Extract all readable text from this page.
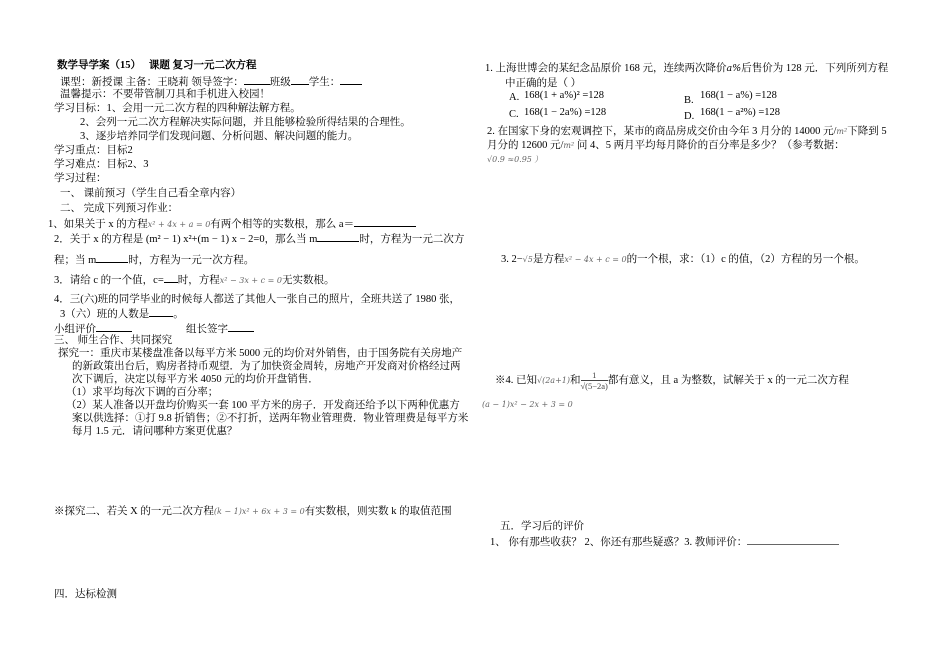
数学导学案（15） 课题 复习一元二次方程
课型：新授课 主备：王晓莉 领导签字： 班级 学生：
温馨提示：不要带管制刀具和手机进入校园！
学习目标：1、会用一元二次方程的四种解法解方程。
2、会列一元二次方程解决实际问题，并且能够检验所得结果的合理性。
3、逐步培养同学们发现问题、分析问题、解决问题的能力。
学习重点：目标2
学习难点：目标2、3
学习过程：
一、 课前预习（学生自己看全章内容）
二、 完成下列预习作业：
1、如果关于 x 的方程x² + 4x + a = 0有两个相等的实数根，那么 a＝
2．关于 x 的方程是 (m² − 1) x²+(m − 1) x − 2=0，那么当 m	时，方程为一元二次方
程；当 m	时，方程为一元一次方程。
3．请给 c 的一个值，c= 时，方程x² − 3x + c = 0无实数根。
4．三(六)班的同学毕业的时候每人都送了其他人一张自己的照片，全班共送了 1980 张，
3（六）班的人数是 。
小组评价	组长签字
三、 师生合作、共同探究
探究一：重庆市某楼盘准备以每平方米 5000 元的均价对外销售，由于国务院有关房地产
的新政策出台后，购房者持币观望．为了加快资金周转，房地产开发商对价格经过两
次下调后，决定以每平方米 4050 元的均价开盘销售．
（1）求平均每次下调的百分率；
（2）某人准备以开盘均价购买一套 100 平方米的房子．开发商还给予以下两种优惠方
案以供选择：①打 9.8 折销售；②不打折，送两年物业管理费．物业管理费是每平方米
每月 1.5 元．请问哪种方案更优惠？
※探究二、若关 X 的一元二次方程(k − 1)x² + 6x + 3 = 0有实数根，则实数 k 的取值范围
四．达标检测
1. 上海世博会的某纪念品原价 168 元，连续两次降价a%后售价为 128 元．下列所列方程
中正确的是（ ）
A. 168(1 + a%)² =128	B. 168(1 − a%) =128
C. 168(1 − 2a%) =128	D. 168(1 − a²%) =128
2. 在国家下身的宏观调控下，某市的商品房成交价由今年 3 月分的 14000 元/m²下降到 5
月分的 12600 元/m² 问 4、5 两月平均每月降价的百分率是多少？（参考数据：
√0.9 ≈0.95 ）
3. 2−√5是方程x² − 4x + c = 0的一个根，求：（1）c 的值，（2）方程的另一个根。
※4. 已知√(2a+1)和 $\frac{1}{√(5-2a)}$ 都有意义，且 a 为整数，试解关于 x 的一元二次方程
(a − 1)x² − 2x + 3 = 0
五．学习后的评价
1、 你有那些收获？ 2、你还有那些疑惑？3. 教师评价：
